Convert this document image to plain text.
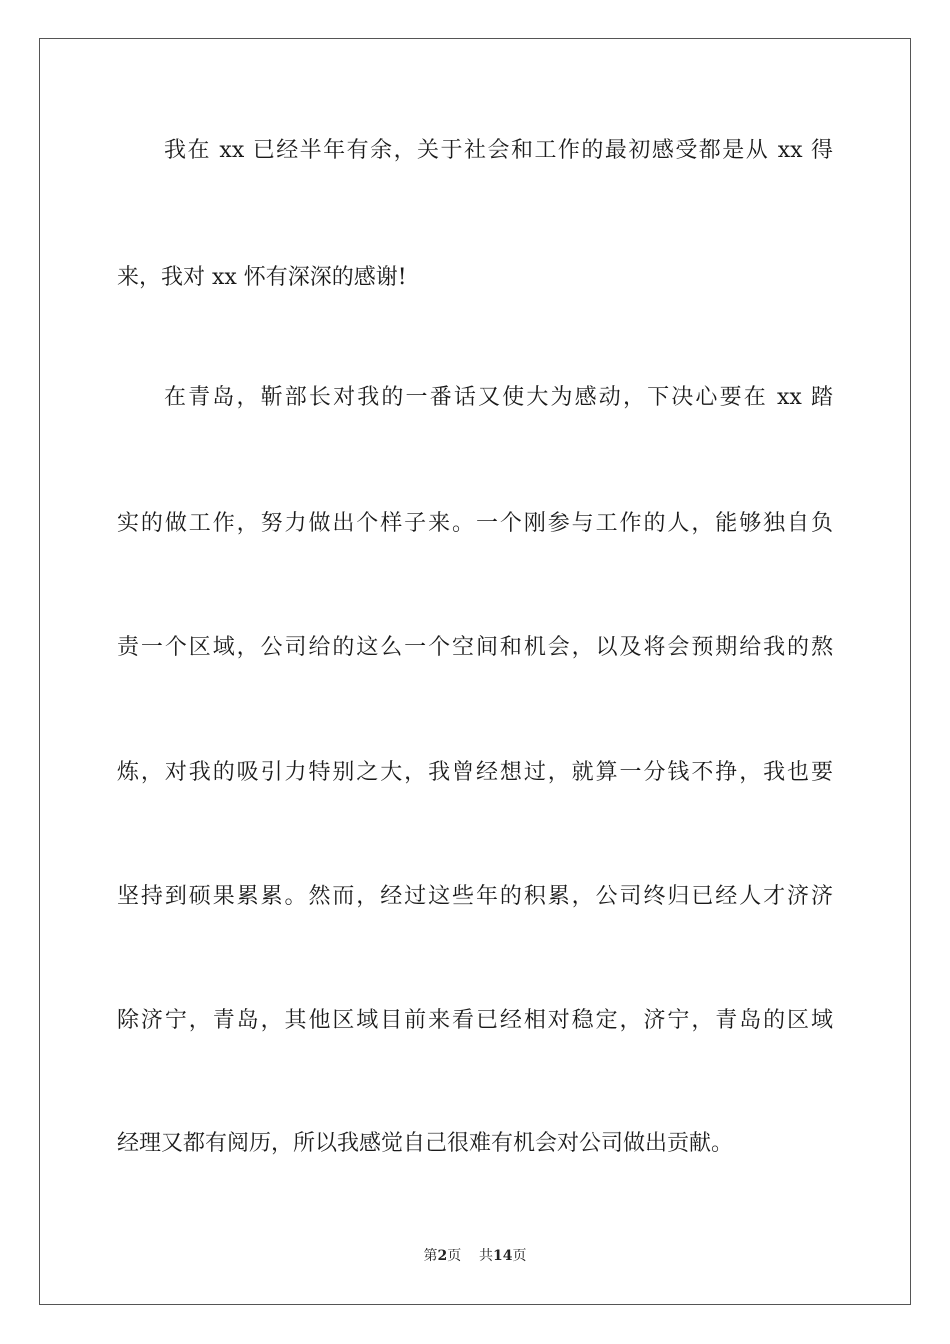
我在 xx 已经半年有余，关于社会和工作的最初感受都是从 xx 得
来，我对 xx 怀有深深的感谢!
在青岛，靳部长对我的一番话又使大为感动，下决心要在 xx 踏
实的做工作，努力做出个样子来。一个刚参与工作的人，能够独自负
责一个区域，公司给的这么一个空间和机会，以及将会预期给我的熬
炼，对我的吸引力特别之大，我曾经想过，就算一分钱不挣，我也要
坚持到硕果累累。然而，经过这些年的积累，公司终归已经人才济济
除济宁，青岛，其他区域目前来看已经相对稳定，济宁，青岛的区域
经理又都有阅历，所以我感觉自己很难有机会对公司做出贡献。
第2页 共14页
